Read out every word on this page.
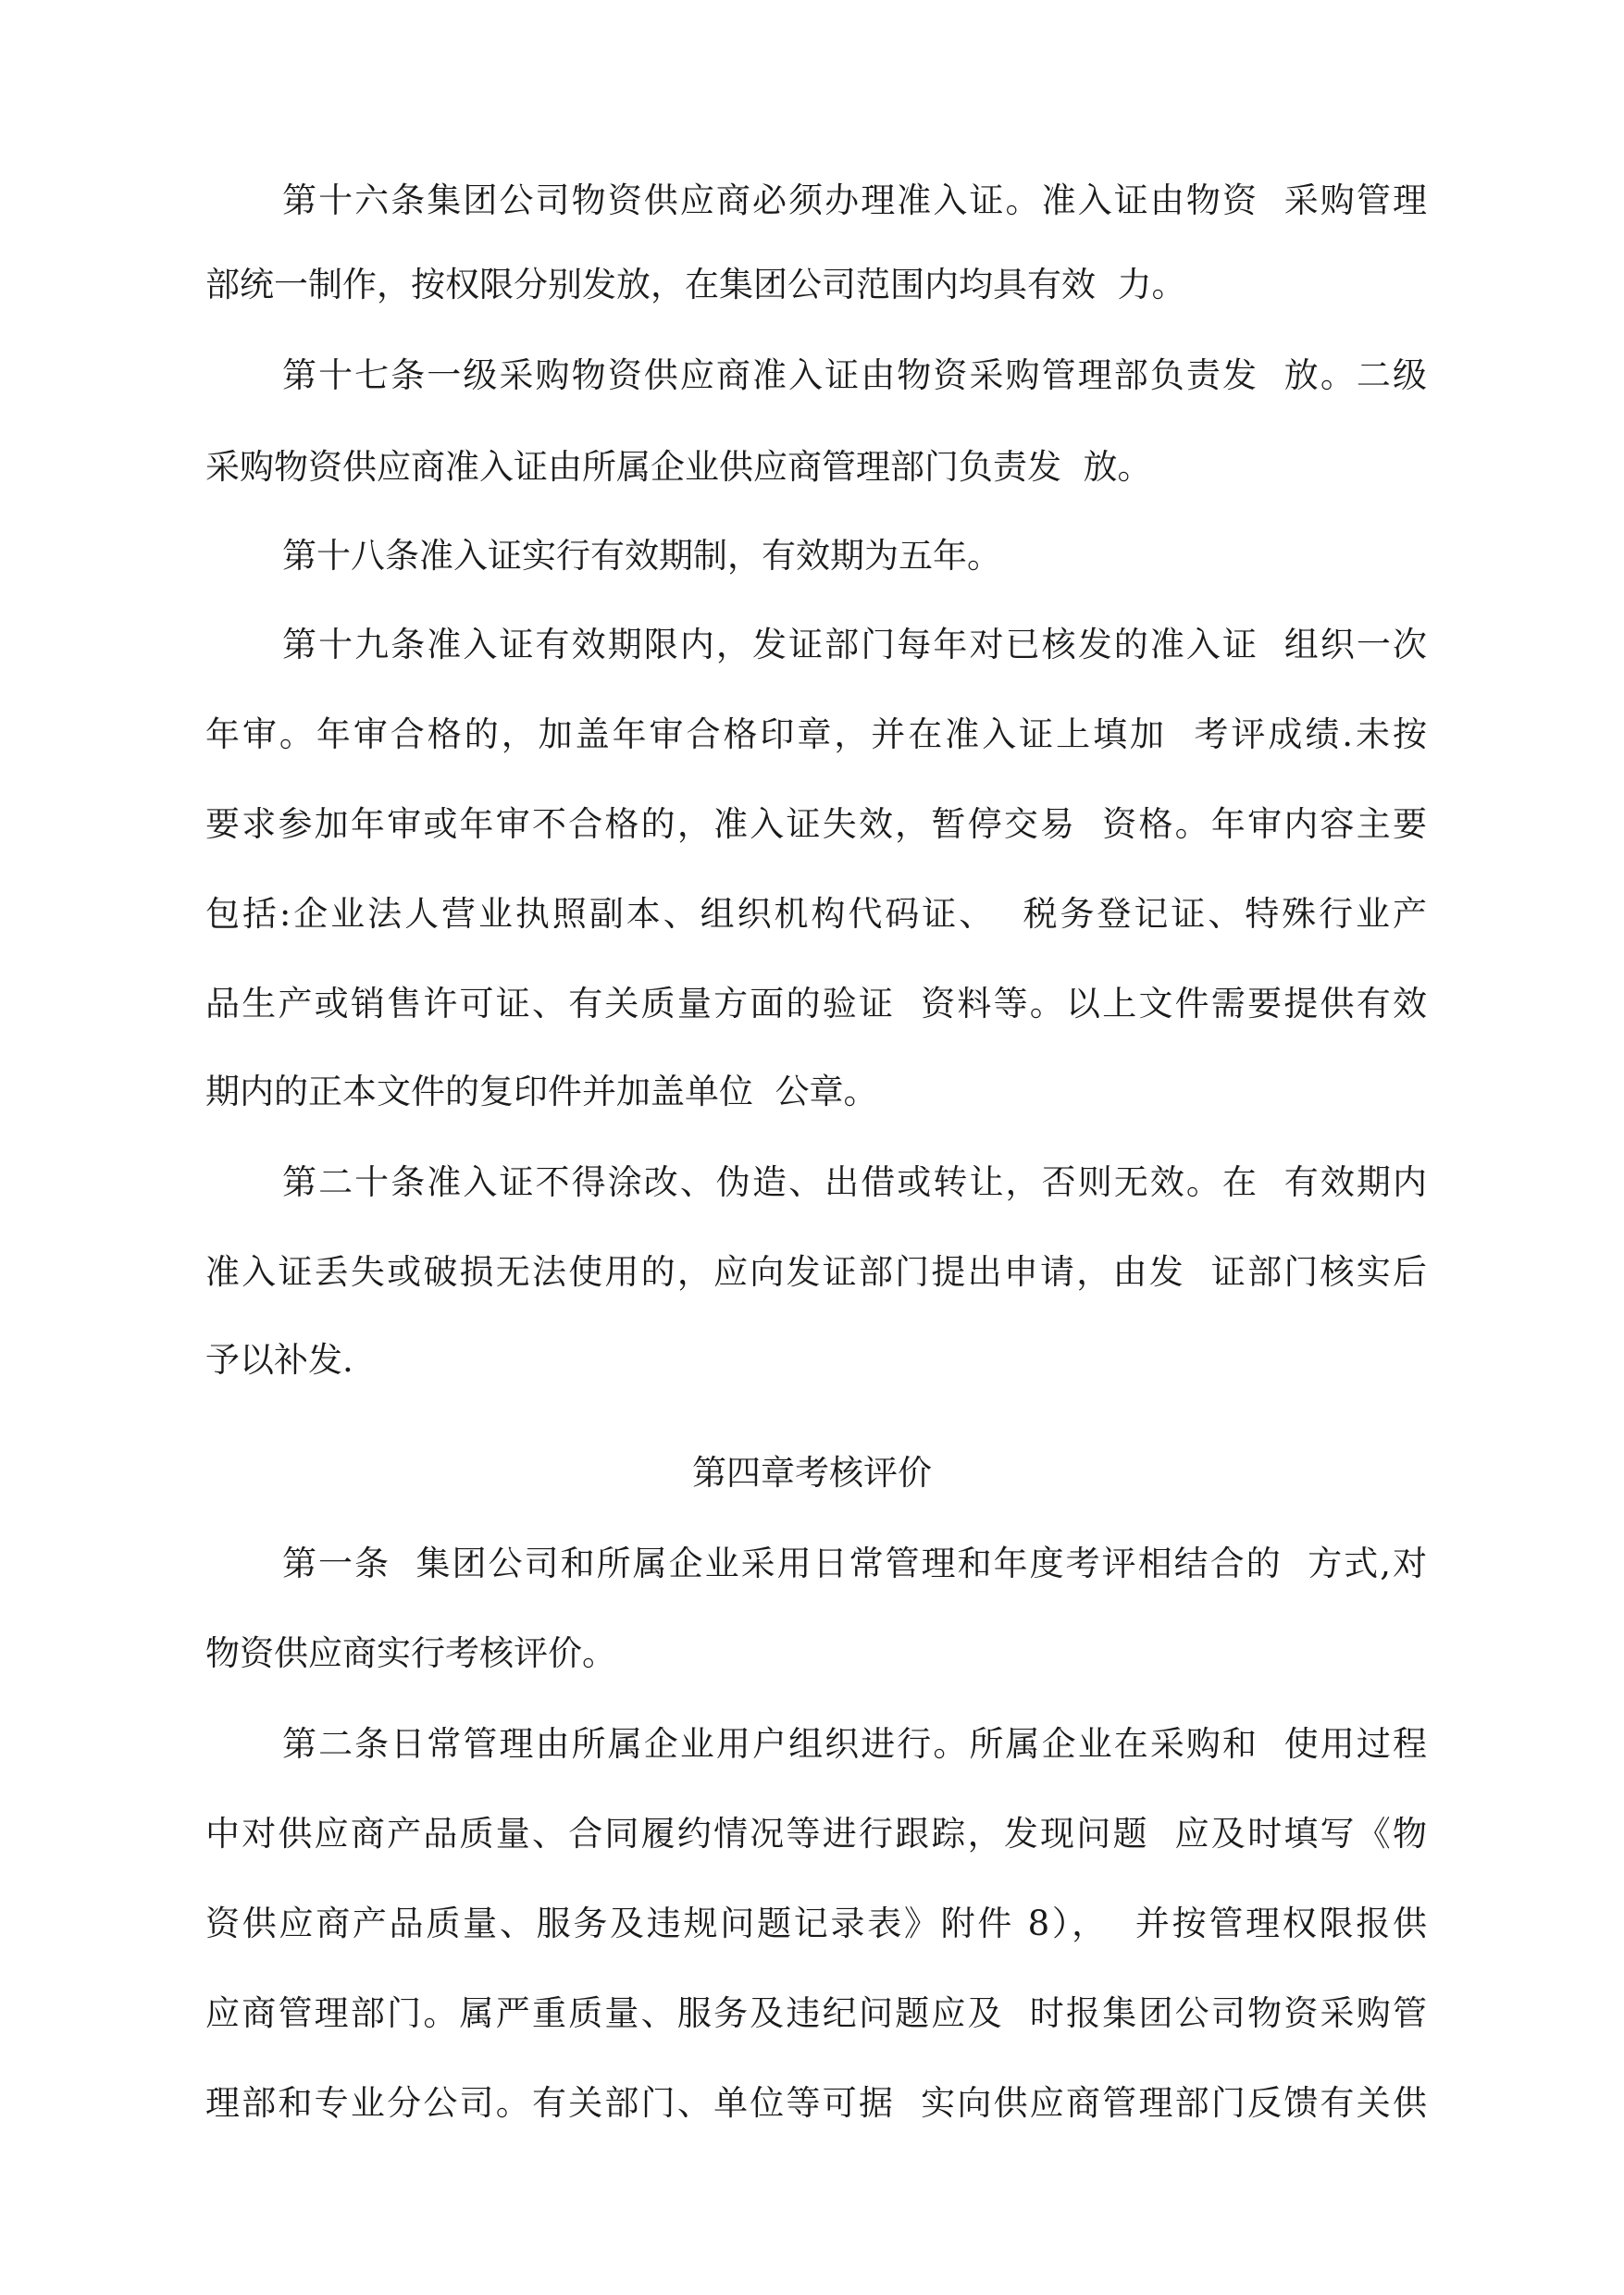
第十六条集团公司物资供应商必须办理准入证。准入证由物资  采购管理
部统一制作，按权限分别发放，在集团公司范围内均具有效  力。
第十七条一级采购物资供应商准入证由物资采购管理部负责发  放。二级
采购物资供应商准入证由所属企业供应商管理部门负责发  放。
第十八条准入证实行有效期制，有效期为五年。
第十九条准入证有效期限内，发证部门每年对已核发的准入证  组织一次
年审。年审合格的，加盖年审合格印章，并在准入证上填加  考评成绩.未按
要求参加年审或年审不合格的，准入证失效，暂停交易  资格。年审内容主要
包括:企业法人营业执照副本、组织机构代码证、  税务登记证、特殊行业产
品生产或销售许可证、有关质量方面的验证  资料等。以上文件需要提供有效
期内的正本文件的复印件并加盖单位  公章。
第二十条准入证不得涂改、伪造、出借或转让，否则无效。在  有效期内
准入证丢失或破损无法使用的，应向发证部门提出申请，由发  证部门核实后
予以补发.
第四章考核评价
第一条  集团公司和所属企业采用日常管理和年度考评相结合的  方式,对
物资供应商实行考核评价。
第二条日常管理由所属企业用户组织进行。所属企业在采购和  使用过程
中对供应商产品质量、合同履约情况等进行跟踪，发现问题  应及时填写《物
资供应商产品质量、服务及违规问题记录表》附件 8），  并按管理权限报供
应商管理部门。属严重质量、服务及违纪问题应及  时报集团公司物资采购管
理部和专业分公司。有关部门、单位等可据  实向供应商管理部门反馈有关供
